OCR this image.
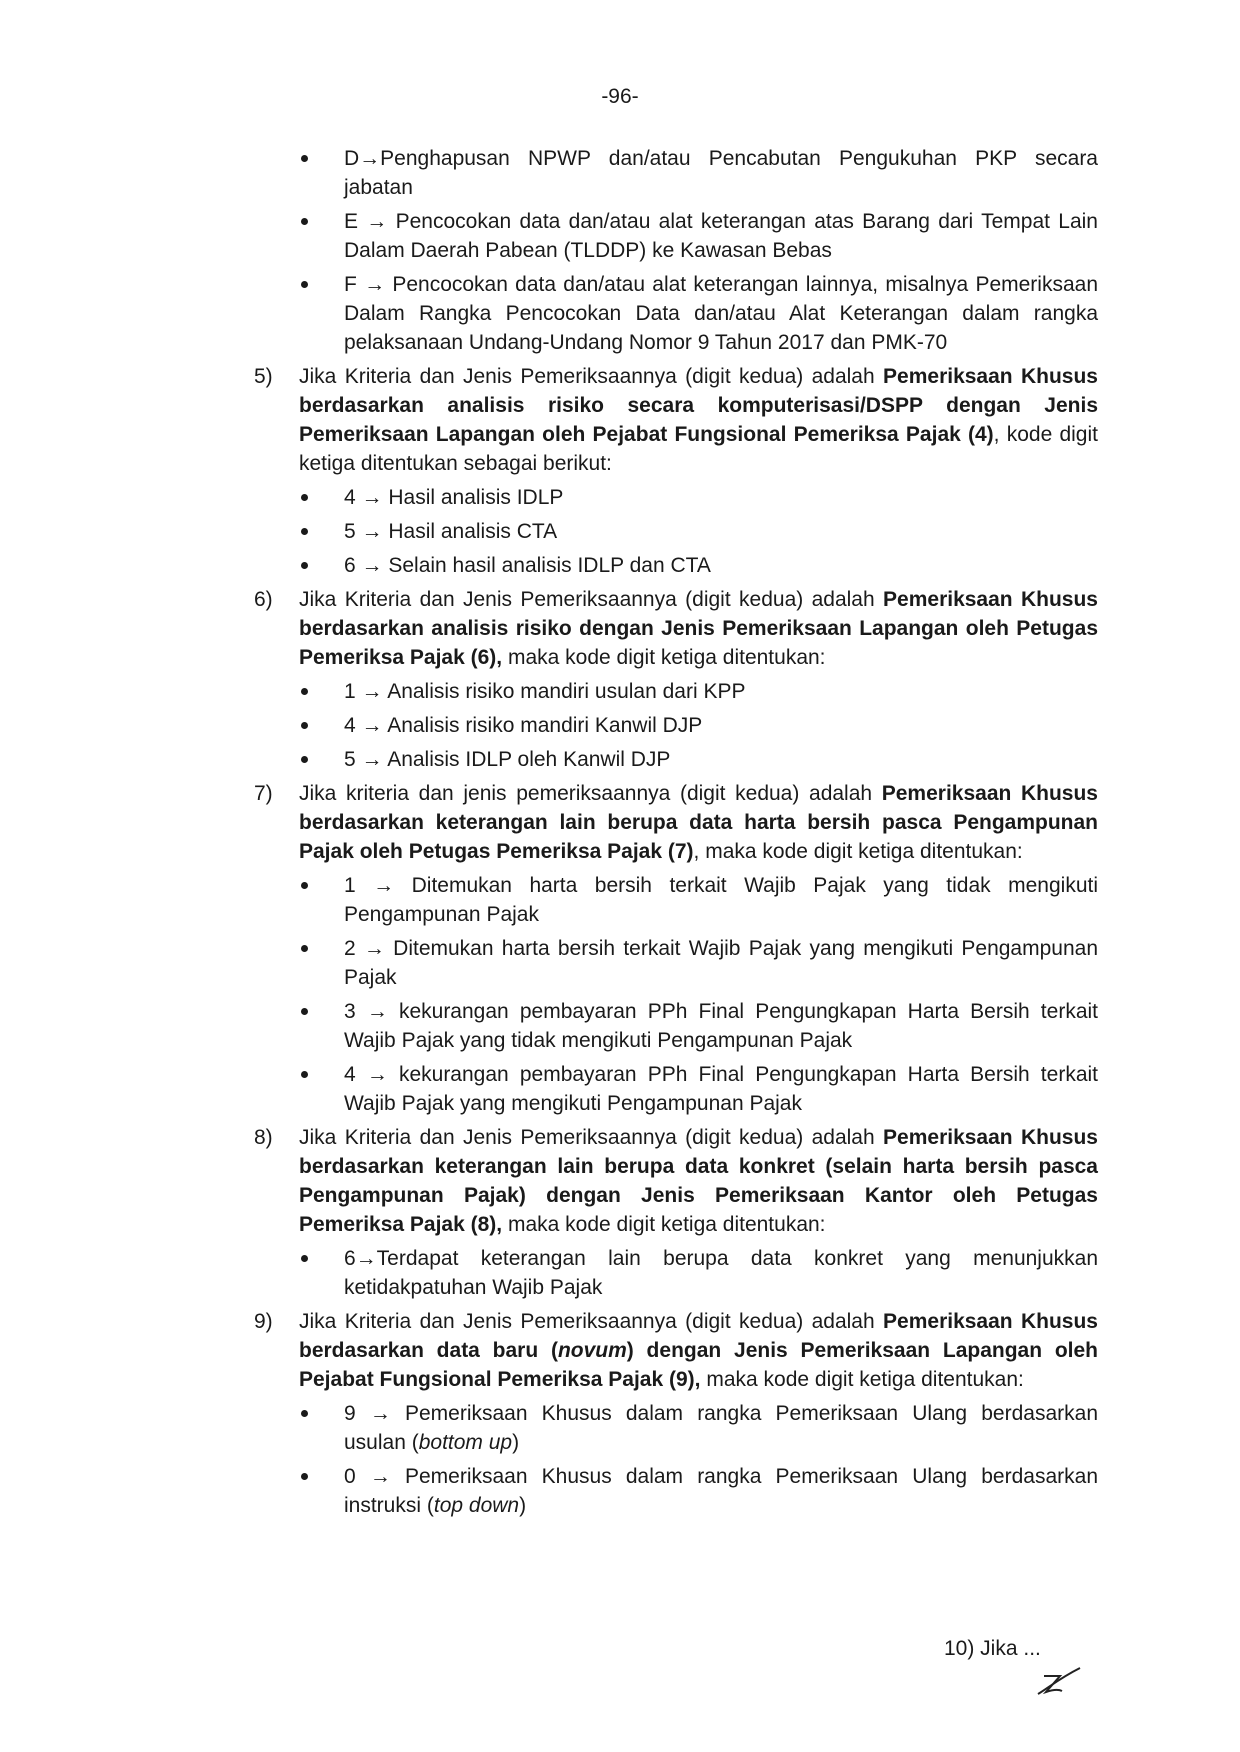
-96-
D→Penghapusan NPWP dan/atau Pencabutan Pengukuhan PKP secara jabatan
E → Pencocokan data dan/atau alat keterangan atas Barang dari Tempat Lain Dalam Daerah Pabean (TLDDP) ke Kawasan Bebas
F → Pencocokan data dan/atau alat keterangan lainnya, misalnya Pemeriksaan Dalam Rangka Pencocokan Data dan/atau Alat Keterangan dalam rangka pelaksanaan Undang-Undang Nomor 9 Tahun 2017 dan PMK-70
5) Jika Kriteria dan Jenis Pemeriksaannya (digit kedua) adalah Pemeriksaan Khusus berdasarkan analisis risiko secara komputerisasi/DSPP dengan Jenis Pemeriksaan Lapangan oleh Pejabat Fungsional Pemeriksa Pajak (4), kode digit ketiga ditentukan sebagai berikut:
4 → Hasil analisis IDLP
5 → Hasil analisis CTA
6 → Selain hasil analisis IDLP dan CTA
6) Jika Kriteria dan Jenis Pemeriksaannya (digit kedua) adalah Pemeriksaan Khusus berdasarkan analisis risiko dengan Jenis Pemeriksaan Lapangan oleh Petugas Pemeriksa Pajak (6), maka kode digit ketiga ditentukan:
1 → Analisis risiko mandiri usulan dari KPP
4 → Analisis risiko mandiri Kanwil DJP
5 → Analisis IDLP oleh Kanwil DJP
7) Jika kriteria dan jenis pemeriksaannya (digit kedua) adalah Pemeriksaan Khusus berdasarkan keterangan lain berupa data harta bersih pasca Pengampunan Pajak oleh Petugas Pemeriksa Pajak (7), maka kode digit ketiga ditentukan:
1 → Ditemukan harta bersih terkait Wajib Pajak yang tidak mengikuti Pengampunan Pajak
2 → Ditemukan harta bersih terkait Wajib Pajak yang mengikuti Pengampunan Pajak
3 → kekurangan pembayaran PPh Final Pengungkapan Harta Bersih terkait Wajib Pajak yang tidak mengikuti Pengampunan Pajak
4 → kekurangan pembayaran PPh Final Pengungkapan Harta Bersih terkait Wajib Pajak yang mengikuti Pengampunan Pajak
8) Jika Kriteria dan Jenis Pemeriksaannya (digit kedua) adalah Pemeriksaan Khusus berdasarkan keterangan lain berupa data konkret (selain harta bersih pasca Pengampunan Pajak) dengan Jenis Pemeriksaan Kantor oleh Petugas Pemeriksa Pajak (8), maka kode digit ketiga ditentukan:
6→Terdapat keterangan lain berupa data konkret yang menunjukkan ketidakpatuhan Wajib Pajak
9) Jika Kriteria dan Jenis Pemeriksaannya (digit kedua) adalah Pemeriksaan Khusus berdasarkan data baru (novum) dengan Jenis Pemeriksaan Lapangan oleh Pejabat Fungsional Pemeriksa Pajak (9), maka kode digit ketiga ditentukan:
9 → Pemeriksaan Khusus dalam rangka Pemeriksaan Ulang berdasarkan usulan (bottom up)
0 → Pemeriksaan Khusus dalam rangka Pemeriksaan Ulang berdasarkan instruksi (top down)
10) Jika ...
